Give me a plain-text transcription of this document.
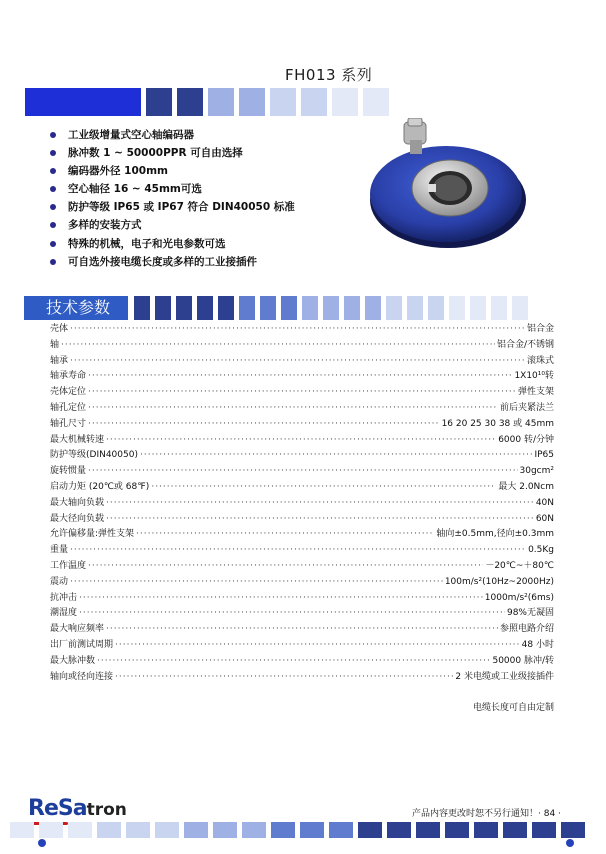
FH013 系列
工业级增量式空心轴编码器
脉冲数 1 ~ 50000PPR 可自由选择
编码器外径 100mm
空心轴径 16 ~ 45mm可选
防护等级 IP65 或 IP67 符合 DIN40050 标准
多样的安装方式
特殊的机械，电子和光电参数可选
可自选外接电缆长度或多样的工业接插件
技术参数
壳体 ·····	铝合金
轴 ·····	铝合金/不锈钢
轴承 ·····	滚珠式
轴承寿命 ·····	1X10¹⁰转
壳体定位 ·····	弹性支架
轴孔定位 ·····	前后夹紧法兰
轴孔尺寸 ·····	16 20 25 30 38 或 45mm
最大机械转速 ·····	6000 转/分钟
防护等级(DIN40050) ·····	IP65
旋转惯量 ·····	30gcm²
启动力矩 (20℃或 68℉) ·····	最大 2.0Ncm
最大轴向负载 ·····	40N
最大径向负载 ·····	60N
允许偏移量:弹性支架 ·····	轴向±0.5mm,径向±0.3mm
重量 ·····	0.5Kg
工作温度 ·····	－20℃~＋80℃
震动 ·····	100m/s²(10Hz~2000Hz)
抗冲击 ·····	1000m/s²(6ms)
潮湿度 ·····	98%无凝固
最大响应频率 ·····	参照电路介绍
出厂前测试周期 ·····	48 小时
最大脉冲数 ·····	50000 脉冲/转
轴向或径向连接 ·····	2 米电缆或工业级接插件
电缆长度可自由定制
ReSatron	产品内容更改时恕不另行通知！· 84 ·
